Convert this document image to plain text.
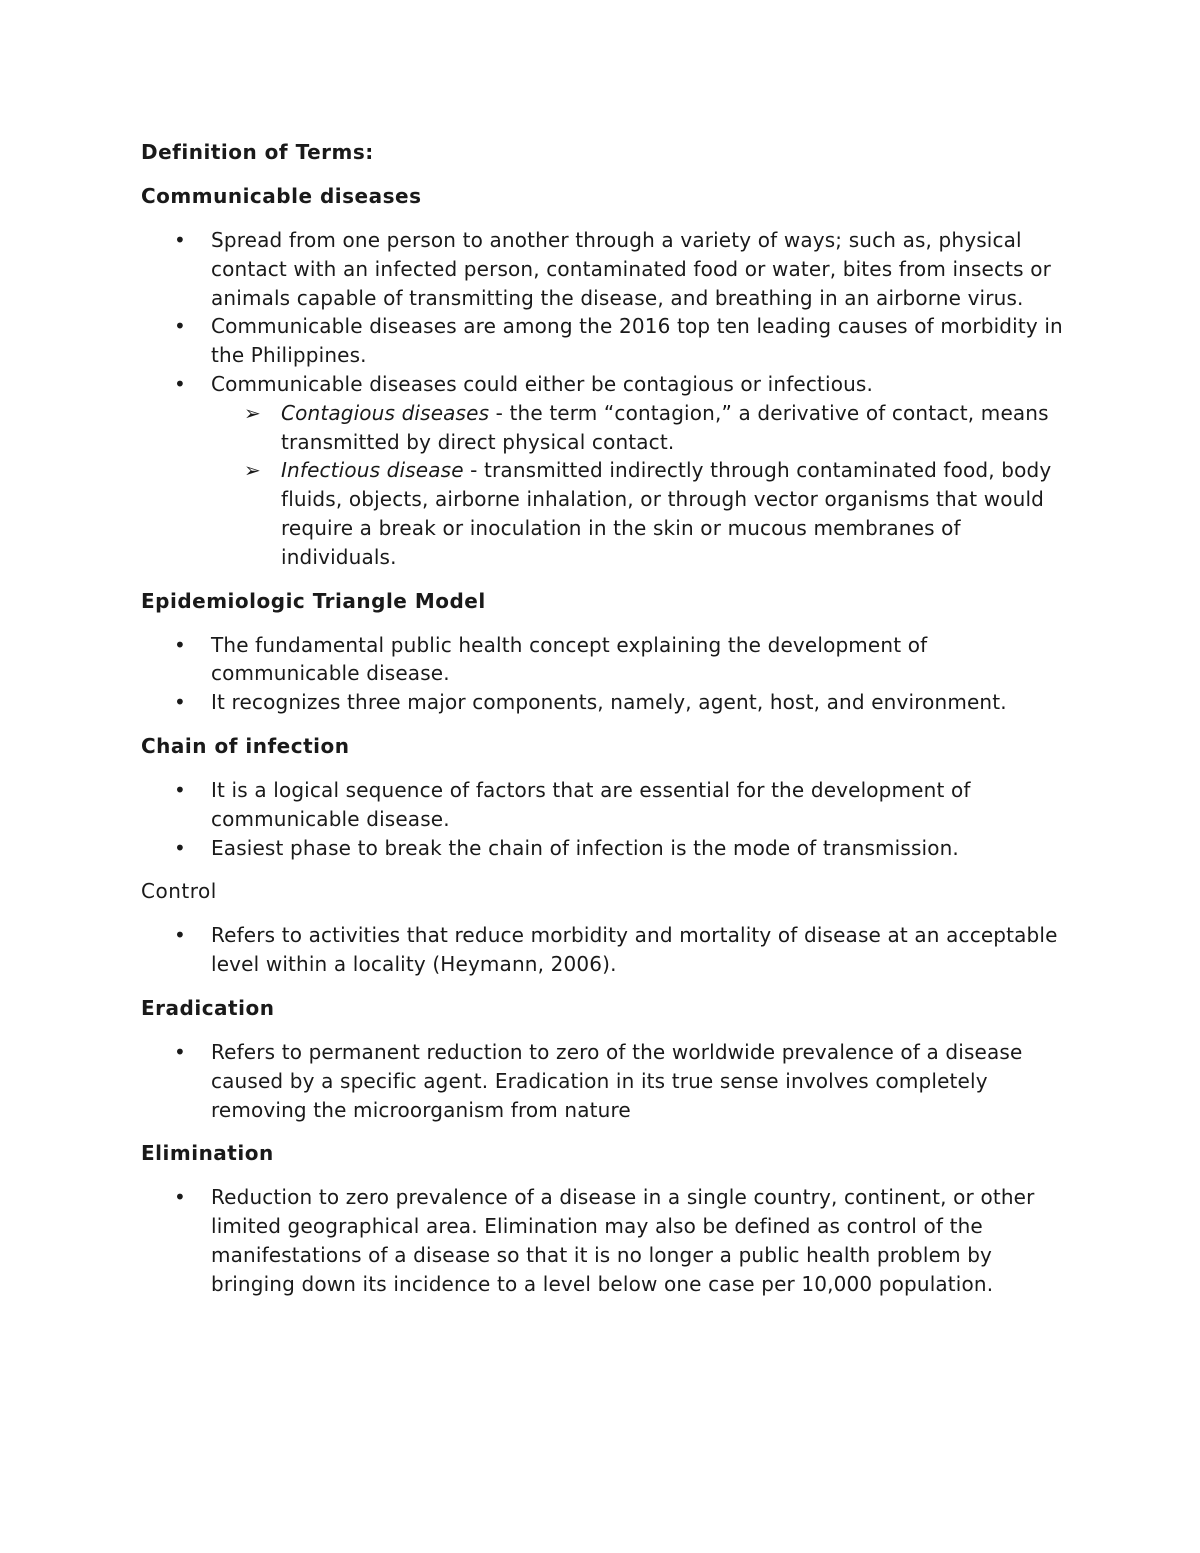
Definition of Terms:

Communicable diseases

• Spread from one person to another through a variety of ways; such as, physical contact with an infected person, contaminated food or water, bites from insects or animals capable of transmitting the disease, and breathing in an airborne virus.
• Communicable diseases are among the 2016 top ten leading causes of morbidity in the Philippines.
• Communicable diseases could either be contagious or infectious.
➢ Contagious diseases - the term “contagion,” a derivative of contact, means transmitted by direct physical contact.
➢ Infectious disease - transmitted indirectly through contaminated food, body fluids, objects, airborne inhalation, or through vector organisms that would require a break or inoculation in the skin or mucous membranes of individuals.

Epidemiologic Triangle Model

• The fundamental public health concept explaining the development of communicable disease.
• It recognizes three major components, namely, agent, host, and environment.

Chain of infection

• It is a logical sequence of factors that are essential for the development of communicable disease.
• Easiest phase to break the chain of infection is the mode of transmission.

Control

• Refers to activities that reduce morbidity and mortality of disease at an acceptable level within a locality (Heymann, 2006).

Eradication

• Refers to permanent reduction to zero of the worldwide prevalence of a disease caused by a specific agent. Eradication in its true sense involves completely removing the microorganism from nature

Elimination

• Reduction to zero prevalence of a disease in a single country, continent, or other limited geographical area. Elimination may also be defined as control of the manifestations of a disease so that it is no longer a public health problem by bringing down its incidence to a level below one case per 10,000 population.
